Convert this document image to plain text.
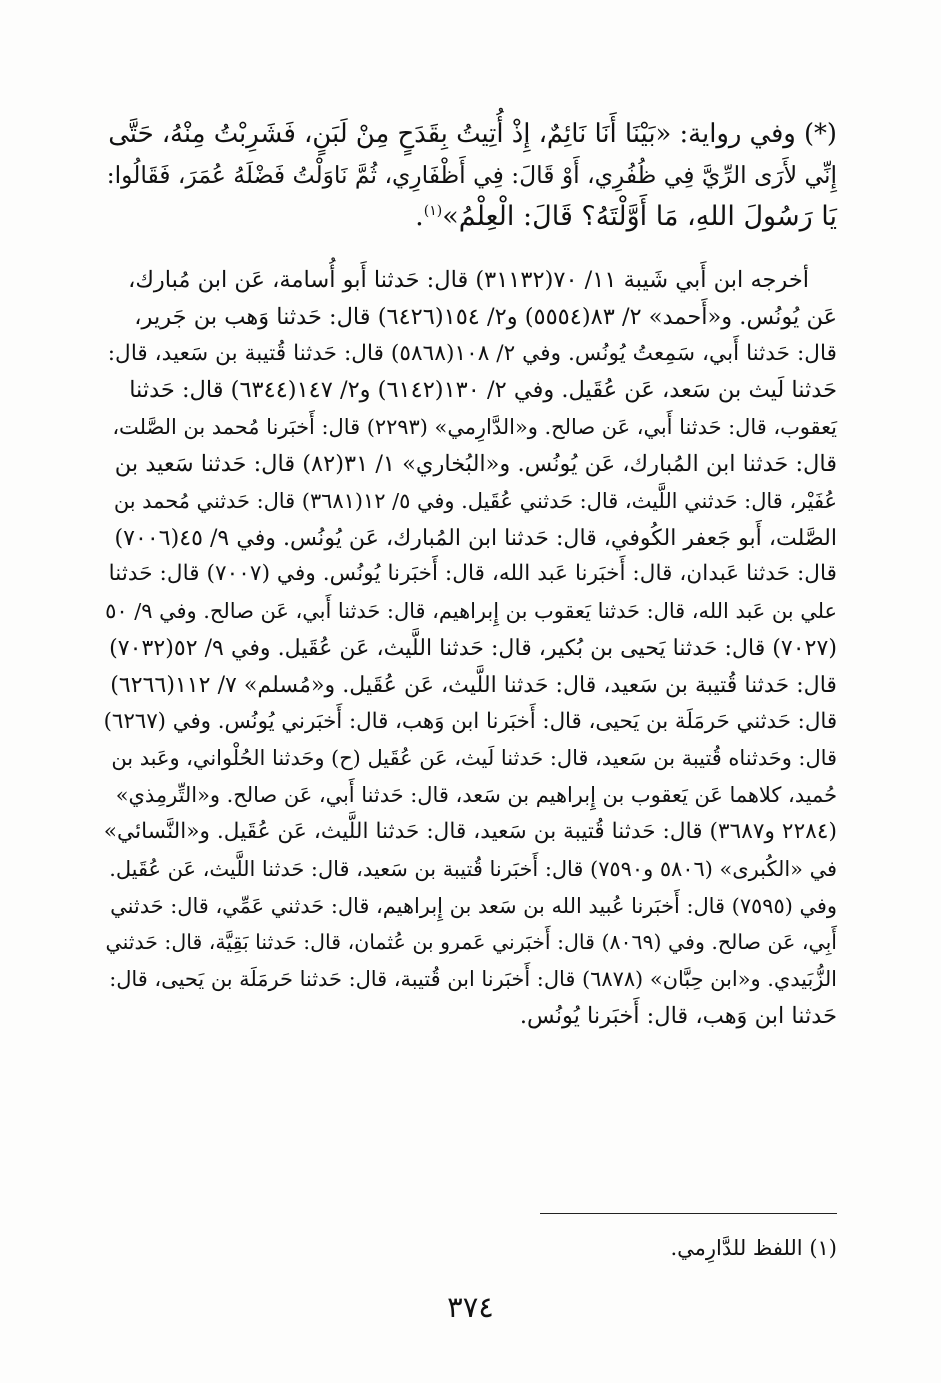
(*) وفي رواية: «بَيْنَا أَنَا نَائِمٌ، إِذْ أُتِيتُ بِقَدَحٍ مِنْ لَبَنٍ، فَشَرِبْتُ مِنْهُ، حَتَّى
إِنِّي لأَرَى الرِّيَّ فِي ظُفُرِي، أَوْ قَالَ: فِي أَظْفَارِي، ثُمَّ نَاوَلْتُ فَضْلَهُ عُمَرَ، فَقَالُوا:
يَا رَسُولَ اللهِ، مَا أَوَّلْتَهُ؟ قَالَ: الْعِلْمُ»$^{(١)}$.
أخرجه ابن أَبي شَيبة ١١/ ٧٠(٣١١٣٢) قال: حَدثنا أَبو أُسامة، عَن ابن مُبارك،
عَن يُونُس. و«أَحمد» ٢/ ٨٣(٥٥٥٤) و٢/ ١٥٤(٦٤٢٦) قال: حَدثنا وَهب بن جَرير،
قال: حَدثنا أَبي، سَمِعتُ يُونُس. وفي ٢/ ١٠٨(٥٨٦٨) قال: حَدثنا قُتيبة بن سَعيد، قال:
حَدثنا لَيث بن سَعد، عَن عُقَيل. وفي ٢/ ١٣٠(٦١٤٢) و٢/ ١٤٧(٦٣٤٤) قال: حَدثنا
يَعقوب، قال: حَدثنا أَبي، عَن صالح. و«الدَّارِمي» (٢٢٩٣) قال: أَخبَرنا مُحمد بن الصَّلت،
قال: حَدثنا ابن المُبارك، عَن يُونُس. و«البُخاري» ١/ ٣١(٨٢) قال: حَدثنا سَعيد بن
عُفَيْر، قال: حَدثني اللَّيث، قال: حَدثني عُقَيل. وفي ٥/ ١٢(٣٦٨١) قال: حَدثني مُحمد بن
الصَّلت، أَبو جَعفر الكُوفي، قال: حَدثنا ابن المُبارك، عَن يُونُس. وفي ٩/ ٤٥(٧٠٠٦)
قال: حَدثنا عَبدان، قال: أَخبَرنا عَبد الله، قال: أَخبَرنا يُونُس. وفي (٧٠٠٧) قال: حَدثنا
علي بن عَبد الله، قال: حَدثنا يَعقوب بن إِبراهيم، قال: حَدثنا أَبي، عَن صالح. وفي ٩/ ٥٠
(٧٠٢٧) قال: حَدثنا يَحيى بن بُكير، قال: حَدثنا اللَّيث، عَن عُقَيل. وفي ٩/ ٥٢(٧٠٣٢)
قال: حَدثنا قُتيبة بن سَعيد، قال: حَدثنا اللَّيث، عَن عُقَيل. و«مُسلم» ٧/ ١١٢(٦٢٦٦)
قال: حَدثني حَرمَلَة بن يَحيى، قال: أَخبَرنا ابن وَهب، قال: أَخبَرني يُونُس. وفي (٦٢٦٧)
قال: وحَدثناه قُتيبة بن سَعيد، قال: حَدثنا لَيث، عَن عُقَيل (ح) وحَدثنا الحُلْواني، وعَبد بن
حُميد، كلاهما عَن يَعقوب بن إِبراهيم بن سَعد، قال: حَدثنا أَبي، عَن صالح. و«التِّرمِذي»
(٢٢٨٤ و٣٦٨٧) قال: حَدثنا قُتيبة بن سَعيد، قال: حَدثنا اللَّيث، عَن عُقَيل. و«النَّسائي»
في «الكُبرى» (٥٨٠٦ و٧٥٩٠) قال: أَخبَرنا قُتيبة بن سَعيد، قال: حَدثنا اللَّيث، عَن عُقَيل.
وفي (٧٥٩٥) قال: أَخبَرنا عُبيد الله بن سَعد بن إِبراهيم، قال: حَدثني عَمِّي، قال: حَدثني
أَبِي، عَن صالح. وفي (٨٠٦٩) قال: أَخبَرني عَمرو بن عُثمان، قال: حَدثنا بَقِيَّة، قال: حَدثني
الزُّبَيدي. و«ابن حِبَّان» (٦٨٧٨) قال: أَخبَرنا ابن قُتيبة، قال: حَدثنا حَرمَلَة بن يَحيى، قال:
حَدثنا ابن وَهب، قال: أَخبَرنا يُونُس.
(١) اللفظ للدَّارِمي.
٣٧٤
